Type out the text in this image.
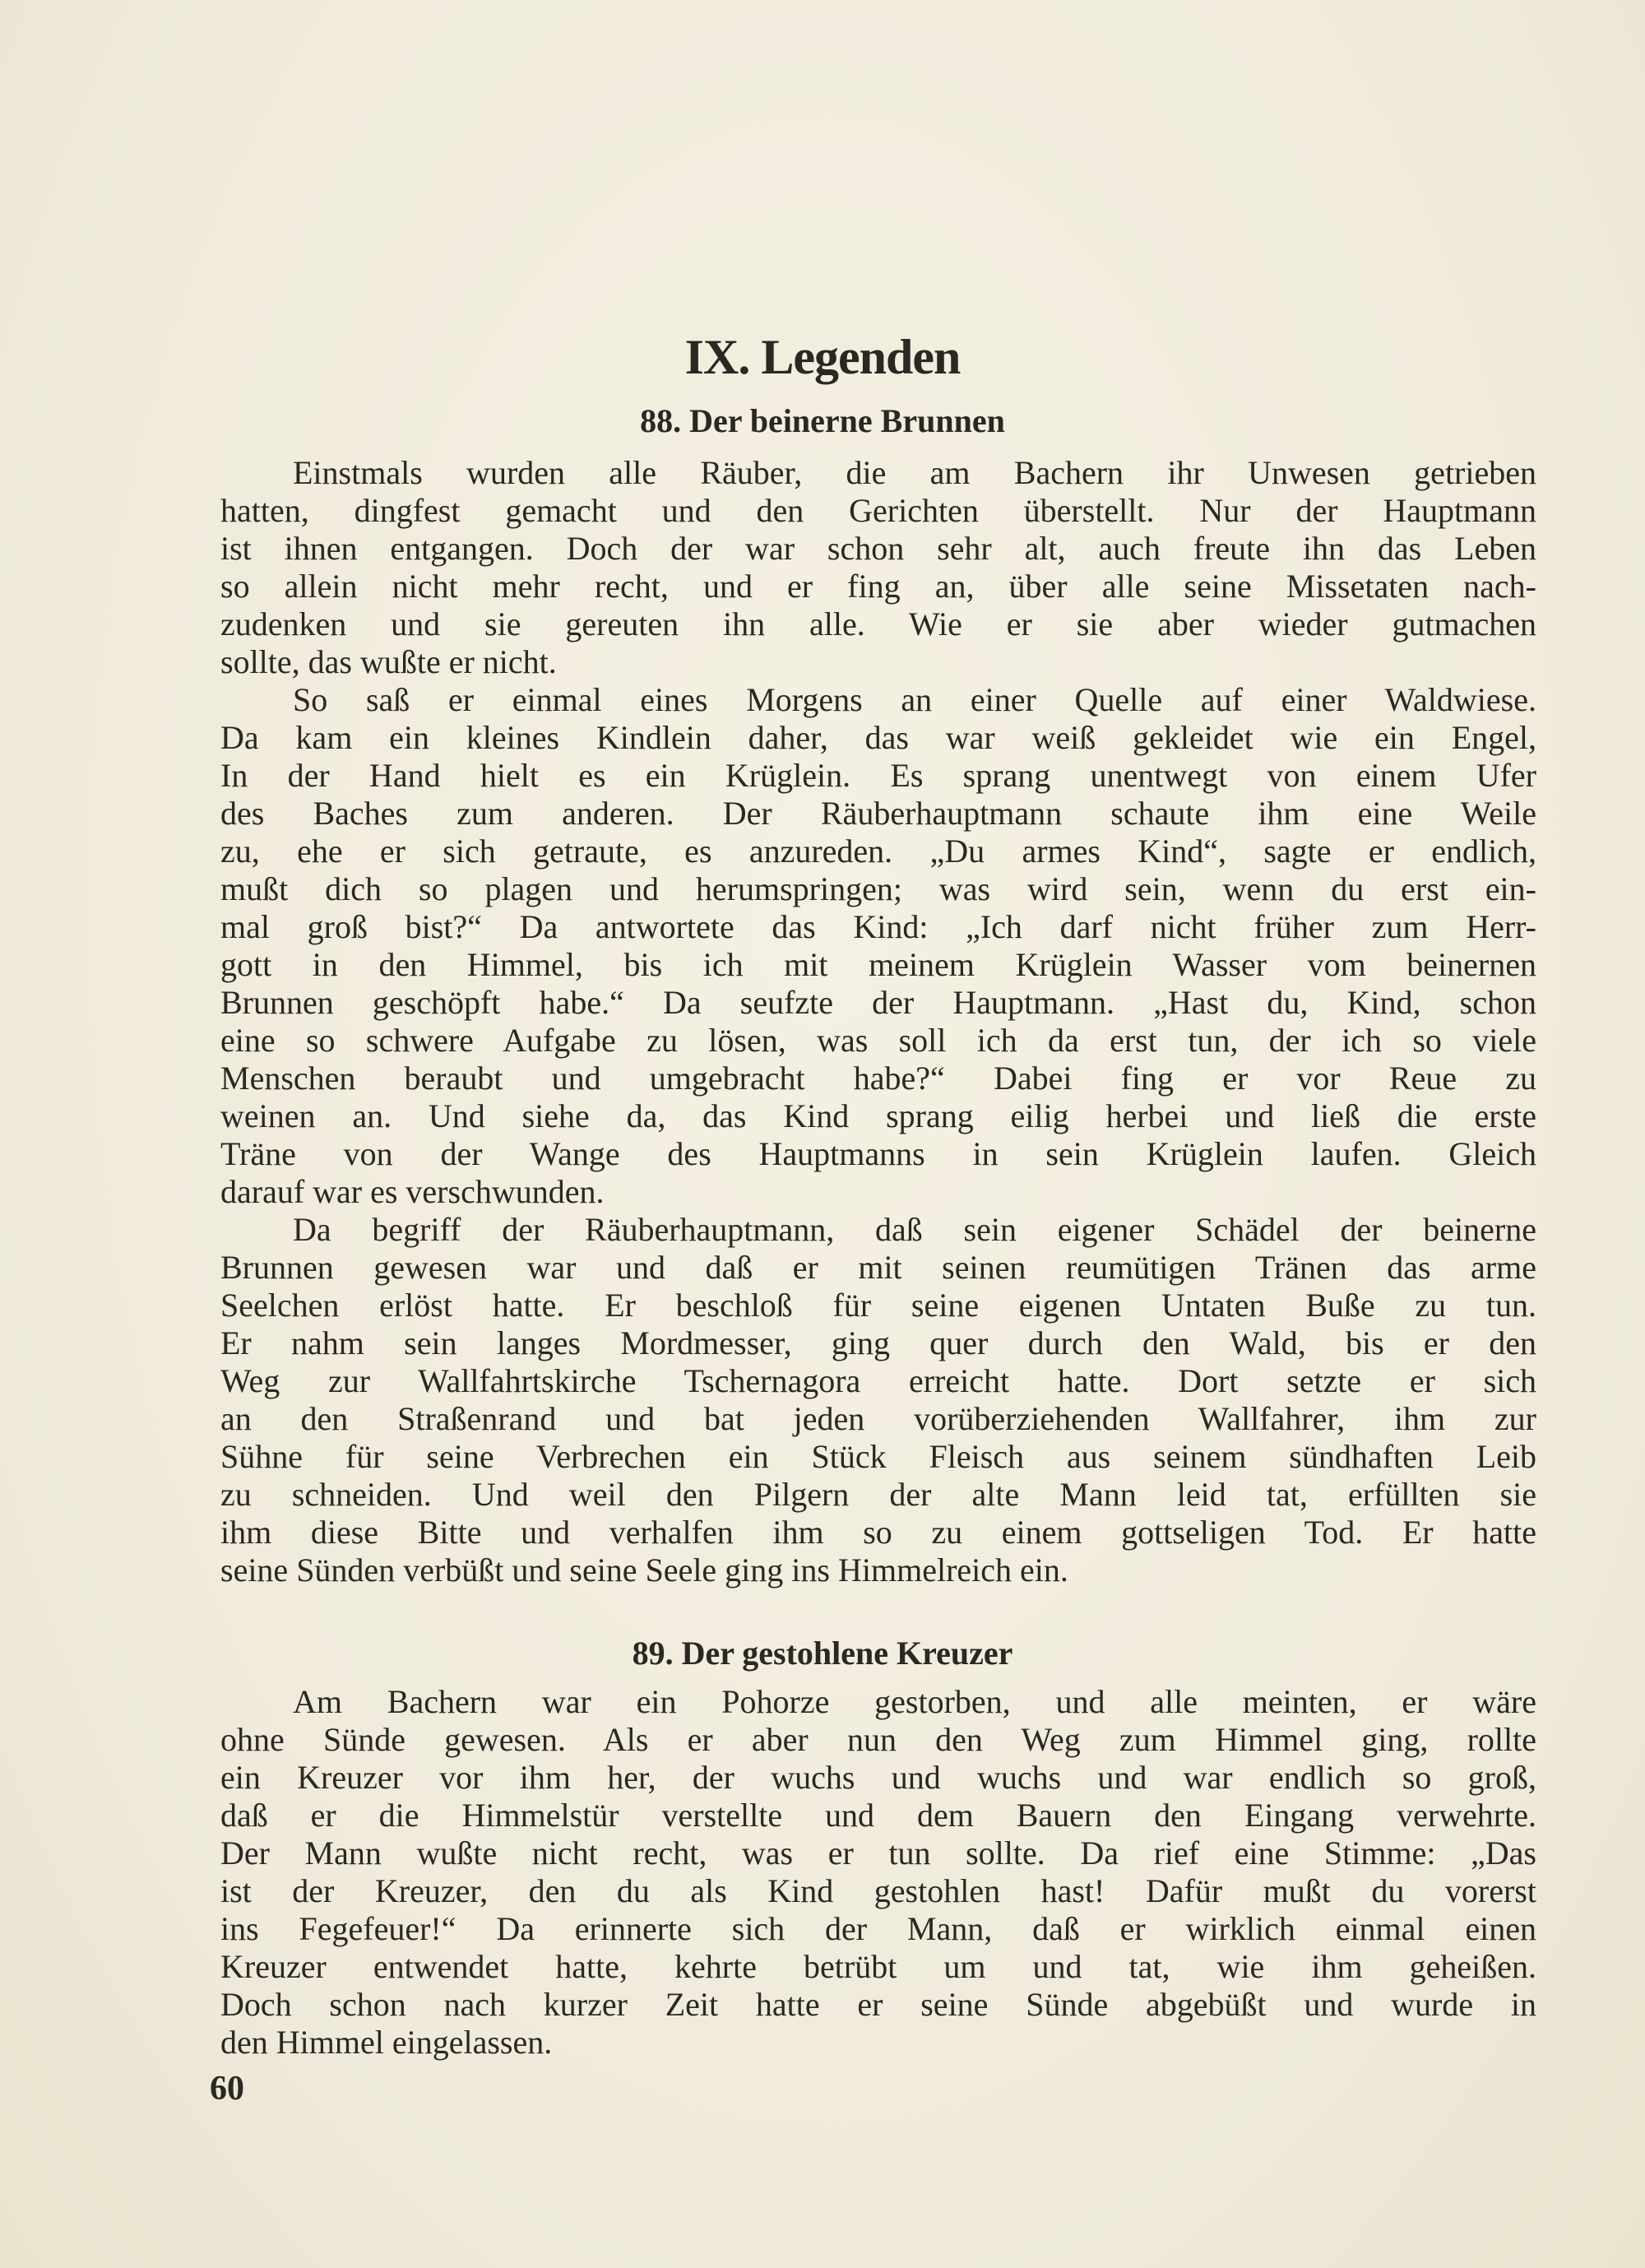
IX. Legenden
88. Der beinerne Brunnen
Einstmals wurden alle Räuber, die am Bachern ihr Unwesen getrieben
hatten, dingfest gemacht und den Gerichten überstellt. Nur der Hauptmann
ist ihnen entgangen. Doch der war schon sehr alt, auch freute ihn das Leben
so allein nicht mehr recht, und er fing an, über alle seine Missetaten nach-
zudenken und sie gereuten ihn alle. Wie er sie aber wieder gutmachen
sollte, das wußte er nicht.
So saß er einmal eines Morgens an einer Quelle auf einer Waldwiese.
Da kam ein kleines Kindlein daher, das war weiß gekleidet wie ein Engel,
In der Hand hielt es ein Krüglein. Es sprang unentwegt von einem Ufer
des Baches zum anderen. Der Räuberhauptmann schaute ihm eine Weile
zu, ehe er sich getraute, es anzureden. „Du armes Kind“, sagte er endlich,
mußt dich so plagen und herumspringen; was wird sein, wenn du erst ein-
mal groß bist?“ Da antwortete das Kind: „Ich darf nicht früher zum Herr-
gott in den Himmel, bis ich mit meinem Krüglein Wasser vom beinernen
Brunnen geschöpft habe.“ Da seufzte der Hauptmann. „Hast du, Kind, schon
eine so schwere Aufgabe zu lösen, was soll ich da erst tun, der ich so viele
Menschen beraubt und umgebracht habe?“ Dabei fing er vor Reue zu
weinen an. Und siehe da, das Kind sprang eilig herbei und ließ die erste
Träne von der Wange des Hauptmanns in sein Krüglein laufen. Gleich
darauf war es verschwunden.
Da begriff der Räuberhauptmann, daß sein eigener Schädel der beinerne
Brunnen gewesen war und daß er mit seinen reumütigen Tränen das arme
Seelchen erlöst hatte. Er beschloß für seine eigenen Untaten Buße zu tun.
Er nahm sein langes Mordmesser, ging quer durch den Wald, bis er den
Weg zur Wallfahrtskirche Tschernagora erreicht hatte. Dort setzte er sich
an den Straßenrand und bat jeden vorüberziehenden Wallfahrer, ihm zur
Sühne für seine Verbrechen ein Stück Fleisch aus seinem sündhaften Leib
zu schneiden. Und weil den Pilgern der alte Mann leid tat, erfüllten sie
ihm diese Bitte und verhalfen ihm so zu einem gottseligen Tod. Er hatte
seine Sünden verbüßt und seine Seele ging ins Himmelreich ein.
89. Der gestohlene Kreuzer
Am Bachern war ein Pohorze gestorben, und alle meinten, er wäre
ohne Sünde gewesen. Als er aber nun den Weg zum Himmel ging, rollte
ein Kreuzer vor ihm her, der wuchs und wuchs und war endlich so groß,
daß er die Himmelstür verstellte und dem Bauern den Eingang verwehrte.
Der Mann wußte nicht recht, was er tun sollte. Da rief eine Stimme: „Das
ist der Kreuzer, den du als Kind gestohlen hast! Dafür mußt du vorerst
ins Fegefeuer!“ Da erinnerte sich der Mann, daß er wirklich einmal einen
Kreuzer entwendet hatte, kehrte betrübt um und tat, wie ihm geheißen.
Doch schon nach kurzer Zeit hatte er seine Sünde abgebüßt und wurde in
den Himmel eingelassen.
60
